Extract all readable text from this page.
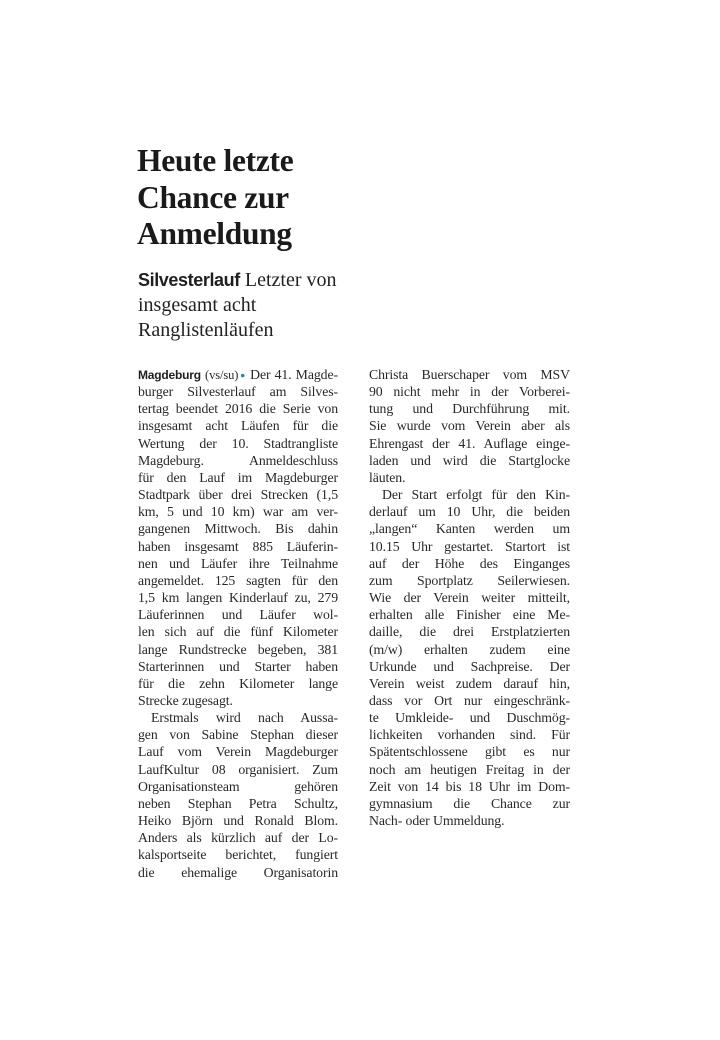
Heute letzte
Chance zur
Anmeldung
Silvesterlauf Letzter von insgesamt acht Ranglistenläufen
Magdeburg (vs/su)● Der 41. Magde-
burger Silvesterlauf am Silves-
tertag beendet 2016 die Serie von
insgesamt acht Läufen für die
Wertung der 10. Stadtrangliste
Magdeburg. Anmeldeschluss
für den Lauf im Magdeburger
Stadtpark über drei Strecken (1,5
km, 5 und 10 km) war am ver-
gangenen Mittwoch. Bis dahin
haben insgesamt 885 Läuferin-
nen und Läufer ihre Teilnahme
angemeldet. 125 sagten für den
1,5 km langen Kinderlauf zu, 279
Läuferinnen und Läufer wol-
len sich auf die fünf Kilometer
lange Rundstrecke begeben, 381
Starterinnen und Starter haben
für die zehn Kilometer lange
Strecke zugesagt.
Erstmals wird nach Aussa-
gen von Sabine Stephan dieser
Lauf vom Verein Magdeburger
LaufKultur 08 organisiert. Zum
Organisationsteam gehören
neben Stephan Petra Schultz,
Heiko Björn und Ronald Blom.
Anders als kürzlich auf der Lo-
kalsportseite berichtet, fungiert
die ehemalige Organisatorin
Christa Buerschaper vom MSV
90 nicht mehr in der Vorberei-
tung und Durchführung mit.
Sie wurde vom Verein aber als
Ehrengast der 41. Auflage einge-
laden und wird die Startglocke
läuten.
Der Start erfolgt für den Kin-
derlauf um 10 Uhr, die beiden
„langen“ Kanten werden um
10.15 Uhr gestartet. Startort ist
auf der Höhe des Einganges
zum Sportplatz Seilerwiesen.
Wie der Verein weiter mitteilt,
erhalten alle Finisher eine Me-
daille, die drei Erstplatzierten
(m/w) erhalten zudem eine
Urkunde und Sachpreise. Der
Verein weist zudem darauf hin,
dass vor Ort nur eingeschränk-
te Umkleide- und Duschmög-
lichkeiten vorhanden sind. Für
Spätentschlossene gibt es nur
noch am heutigen Freitag in der
Zeit von 14 bis 18 Uhr im Dom-
gymnasium die Chance zur
Nach- oder Ummeldung.
